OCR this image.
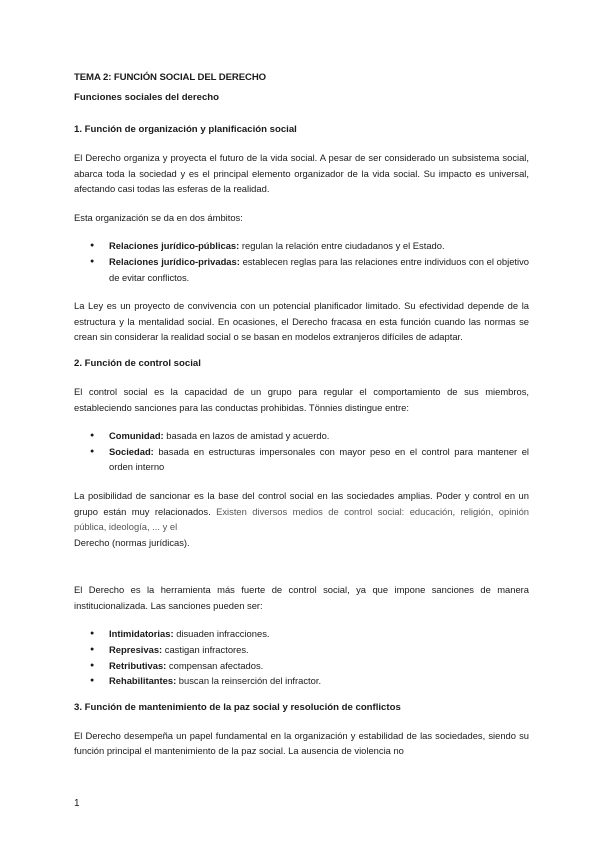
TEMA 2: FUNCIÓN SOCIAL DEL DERECHO
Funciones sociales del derecho
1. Función de organización y planificación social

El Derecho organiza y proyecta el futuro de la vida social. A pesar de ser considerado un subsistema social, abarca toda la sociedad y es el principal elemento organizador de la vida social. Su impacto es universal, afectando casi todas las esferas de la realidad.

Esta organización se da en dos ámbitos:

● Relaciones jurídico-públicas: regulan la relación entre ciudadanos y el Estado.
● Relaciones jurídico-privadas: establecen reglas para las relaciones entre individuos con el objetivo de evitar conflictos.

La Ley es un proyecto de convivencia con un potencial planificador limitado. Su efectividad depende de la estructura y la mentalidad social. En ocasiones, el Derecho fracasa en esta función cuando las normas se crean sin considerar la realidad social o se basan en modelos extranjeros difíciles de adaptar.

2. Función de control social

El control social es la capacidad de un grupo para regular el comportamiento de sus miembros, estableciendo sanciones para las conductas prohibidas. Tönnies distingue entre:

● Comunidad: basada en lazos de amistad y acuerdo.
● Sociedad: basada en estructuras impersonales con mayor peso en el control para mantener el orden interno

La posibilidad de sancionar es la base del control social en las sociedades amplias. Poder y control en un grupo están muy relacionados. Existen diversos medios de control social: educación, religión, opinión pública, ideología, ... y el

Derecho (normas jurídicas).

El Derecho es la herramienta más fuerte de control social, ya que impone sanciones de manera institucionalizada. Las sanciones pueden ser:

● Intimidatorias: disuaden infracciones.
● Represivas: castigan infractores.
● Retributivas: compensan afectados.
● Rehabilitantes: buscan la reinserción del infractor.
3. Función de mantenimiento de la paz social y resolución de conflictos

El Derecho desempeña un papel fundamental en la organización y estabilidad de las sociedades, siendo su función principal el mantenimiento de la paz social. La ausencia de violencia no

1
